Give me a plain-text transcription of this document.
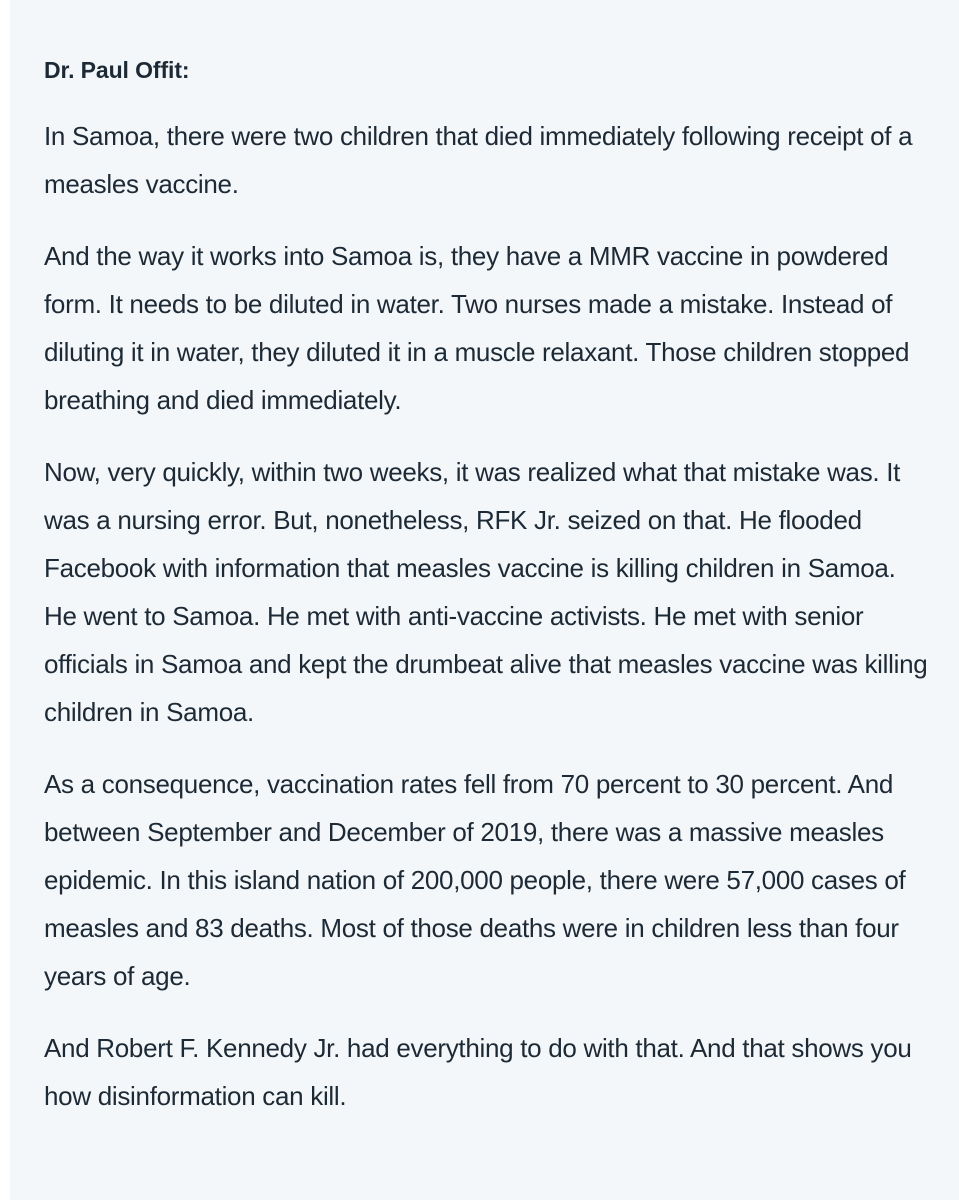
Dr. Paul Offit:

In Samoa, there were two children that died immediately following receipt of a measles vaccine.

And the way it works into Samoa is, they have a MMR vaccine in powdered form. It needs to be diluted in water. Two nurses made a mistake. Instead of diluting it in water, they diluted it in a muscle relaxant. Those children stopped breathing and died immediately.

Now, very quickly, within two weeks, it was realized what that mistake was. It was a nursing error. But, nonetheless, RFK Jr. seized on that. He flooded Facebook with information that measles vaccine is killing children in Samoa. He went to Samoa. He met with anti-vaccine activists. He met with senior officials in Samoa and kept the drumbeat alive that measles vaccine was killing children in Samoa.

As a consequence, vaccination rates fell from 70 percent to 30 percent. And between September and December of 2019, there was a massive measles epidemic. In this island nation of 200,000 people, there were 57,000 cases of measles and 83 deaths. Most of those deaths were in children less than four years of age.

And Robert F. Kennedy Jr. had everything to do with that. And that shows you how disinformation can kill.
